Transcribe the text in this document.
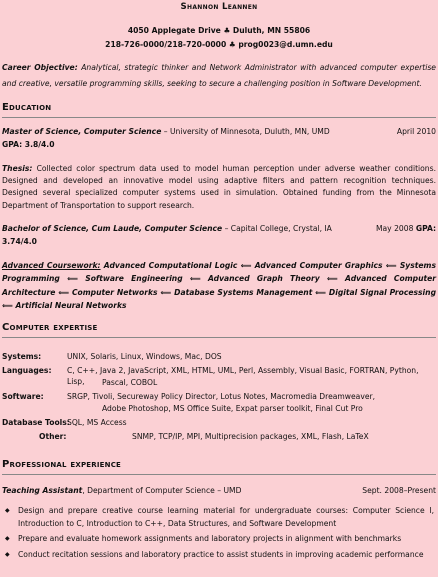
Shannon Leannen
4050 Applegate Drive ♣ Duluth, MN 55806
218-726-0000/218-720-0000 ♣ prog0023@d.umn.edu
Career Objective: Analytical, strategic thinker and Network Administrator with advanced computer expertise and creative, versatile programming skills, seeking to secure a challenging position in Software Development.
Education
Master of Science, Computer Science – University of Minnesota, Duluth, MN, UMD	April 2010
GPA: 3.8/4.0
Thesis: Collected color spectrum data used to model human perception under adverse weather conditions. Designed and developed an innovative model using adaptive filters and pattern recognition techniques. Designed several specialized computer systems used in simulation. Obtained funding from the Minnesota Department of Transportation to support research.
Bachelor of Science, Cum Laude, Computer Science – Capital College, Crystal, IA	May 2008 GPA:
3.74/4.0
Advanced Coursework: Advanced Computational Logic ⟸ Advanced Computer Graphics ⟸ Systems Programming ⟸ Software Engineering ⟸ Advanced Graph Theory ⟸ Advanced Computer Architecture ⟸ Computer Networks ⟸ Database Systems Management ⟸ Digital Signal Processing ⟸ Artificial Neural Networks
Computer expertise
Systems:	UNIX, Solaris, Linux, Windows, Mac, DOS
Languages: C, C++, Java 2, JavaScript, XML, HTML, UML, Perl, Assembly, Visual Basic, FORTRAN, Python, Lisp,	Pascal, COBOL
Software:	SRGP, Tivoli, Secureway Policy Director, Lotus Notes, Macromedia Dreamweaver,
Adobe Photoshop, MS Office Suite, Expat parser toolkit, Final Cut Pro
Database Tools:
SQL, MS Access
Other:	SNMP, TCP/IP, MPI, Multiprecision packages, XML, Flash, LaTeX
Professional experience
Teaching Assistant, Department of Computer Science – UMD	Sept. 2008–Present
◆ Design and prepare creative course learning material for undergraduate courses: Computer Science I, Introduction to C, Introduction to C++, Data Structures, and Software Development
◆ Prepare and evaluate homework assignments and laboratory projects in alignment with benchmarks
◆ Conduct recitation sessions and laboratory practice to assist students in improving academic performance
